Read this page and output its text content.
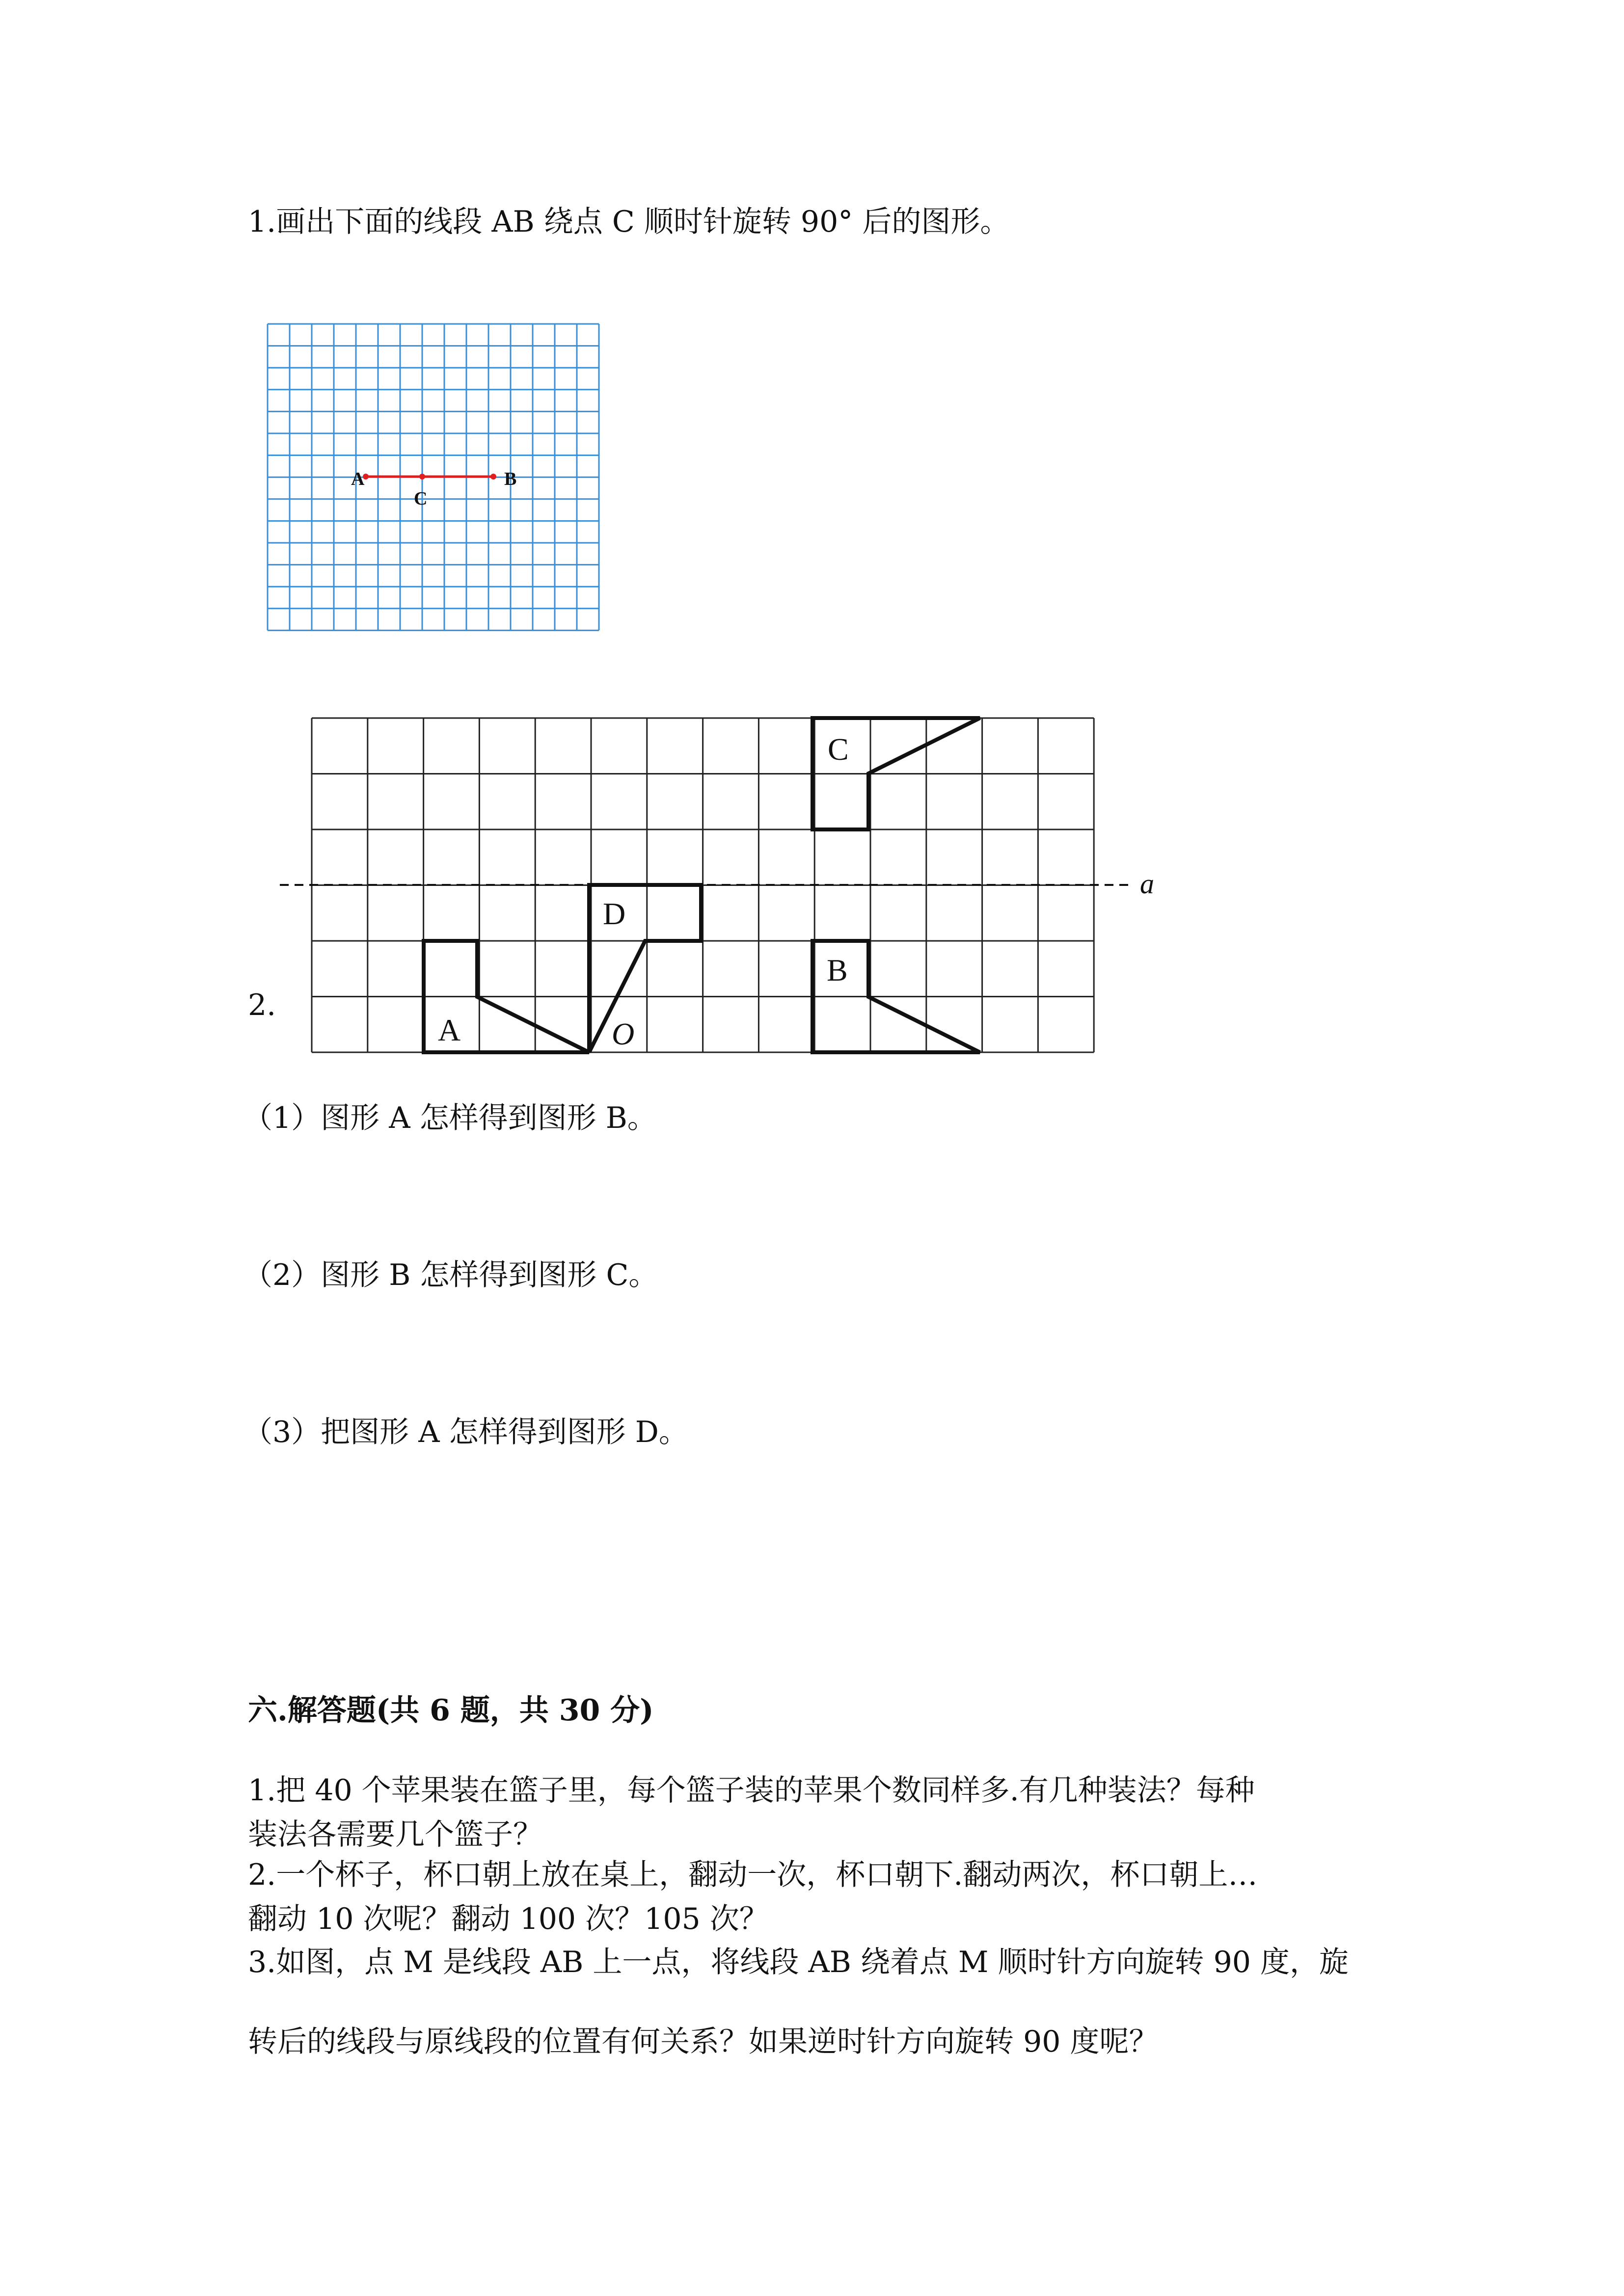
1.画出下面的线段 AB 绕点 C 顺时针旋转 90° 后的图形。
A
C
B
2.
a
A
D
O
B
C
（1）图形 A 怎样得到图形 B。
（2）图形 B 怎样得到图形 C。
（3）把图形 A 怎样得到图形 D。
六.解答题(共 6 题，共 30 分)
1.把 40 个苹果装在篮子里，每个篮子装的苹果个数同样多.有几种装法？每种
装法各需要几个篮子？
2.一个杯子，杯口朝上放在桌上，翻动一次，杯口朝下.翻动两次，杯口朝上…
翻动 10 次呢？翻动 100 次？105 次？
3.如图，点 M 是线段 AB 上一点，将线段 AB 绕着点 M 顺时针方向旋转 90 度，旋
转后的线段与原线段的位置有何关系？如果逆时针方向旋转 90 度呢？
